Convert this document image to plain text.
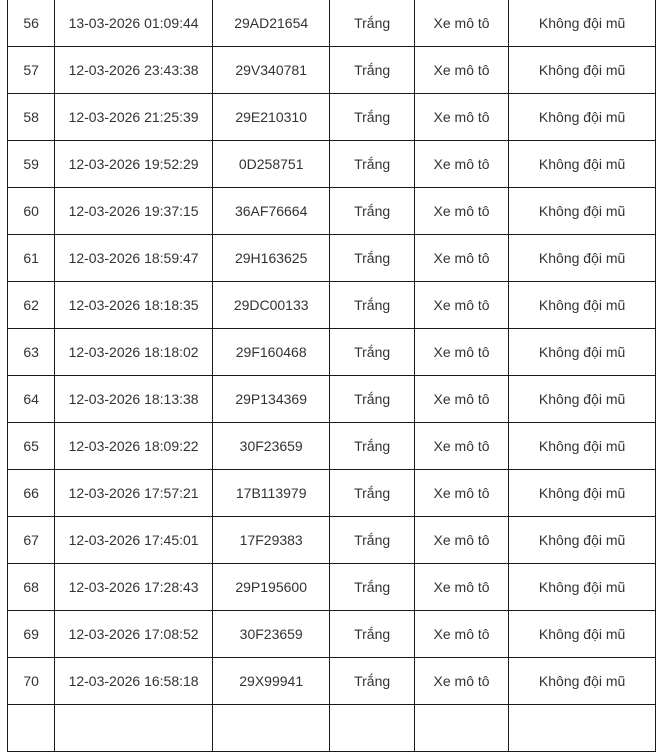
56	13-03-2026 01:09:44	29AD21654	Trắng	Xe mô tô	Không đội mũ
57	12-03-2026 23:43:38	29V340781	Trắng	Xe mô tô	Không đội mũ
58	12-03-2026 21:25:39	29E210310	Trắng	Xe mô tô	Không đội mũ
59	12-03-2026 19:52:29	0D258751	Trắng	Xe mô tô	Không đội mũ
60	12-03-2026 19:37:15	36AF76664	Trắng	Xe mô tô	Không đội mũ
61	12-03-2026 18:59:47	29H163625	Trắng	Xe mô tô	Không đội mũ
62	12-03-2026 18:18:35	29DC00133	Trắng	Xe mô tô	Không đội mũ
63	12-03-2026 18:18:02	29F160468	Trắng	Xe mô tô	Không đội mũ
64	12-03-2026 18:13:38	29P134369	Trắng	Xe mô tô	Không đội mũ
65	12-03-2026 18:09:22	30F23659	Trắng	Xe mô tô	Không đội mũ
66	12-03-2026 17:57:21	17B113979	Trắng	Xe mô tô	Không đội mũ
67	12-03-2026 17:45:01	17F29383	Trắng	Xe mô tô	Không đội mũ
68	12-03-2026 17:28:43	29P195600	Trắng	Xe mô tô	Không đội mũ
69	12-03-2026 17:08:52	30F23659	Trắng	Xe mô tô	Không đội mũ
70	12-03-2026 16:58:18	29X99941	Trắng	Xe mô tô	Không đội mũ
